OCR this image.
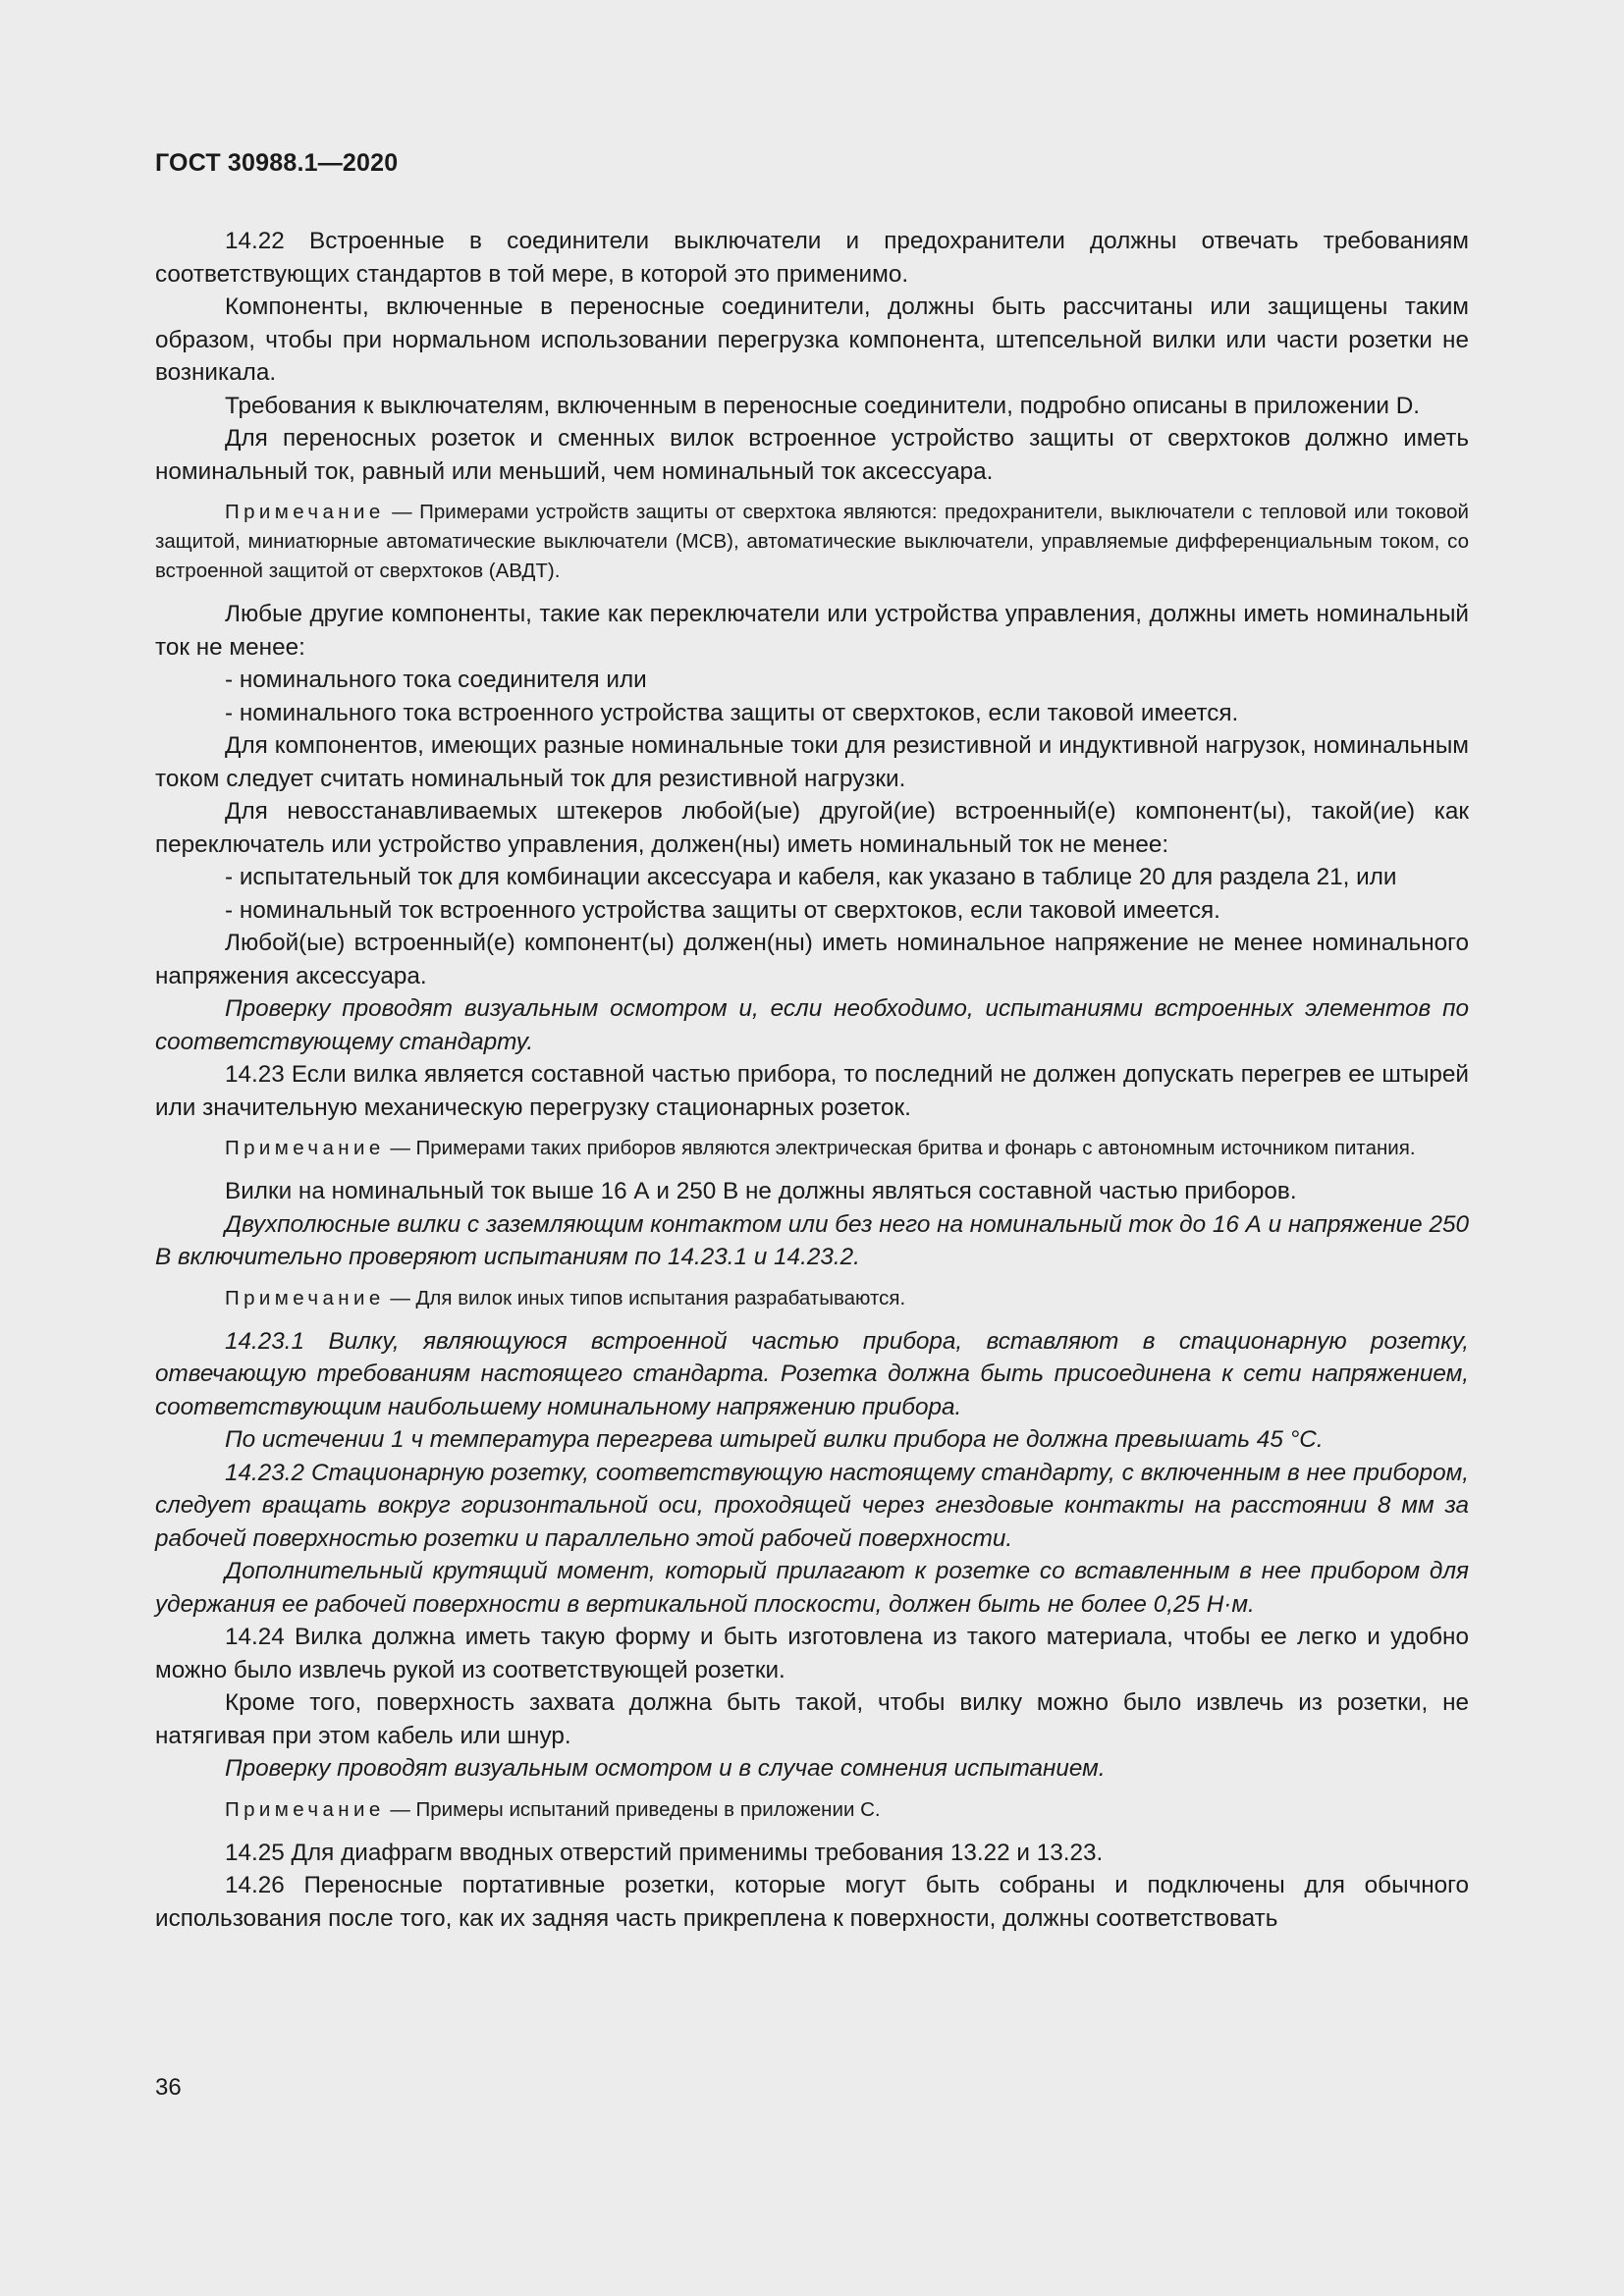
ГОСТ 30988.1—2020

14.22 Встроенные в соединители выключатели и предохранители должны отвечать требованиям соответствующих стандартов в той мере, в которой это применимо.

Компоненты, включенные в переносные соединители, должны быть рассчитаны или защищены таким образом, чтобы при нормальном использовании перегрузка компонента, штепсельной вилки или части розетки не возникала.

Требования к выключателям, включенным в переносные соединители, подробно описаны в приложении D.

Для переносных розеток и сменных вилок встроенное устройство защиты от сверхтоков должно иметь номинальный ток, равный или меньший, чем номинальный ток аксессуара.

Примечание — Примерами устройств защиты от сверхтока являются: предохранители, выключатели с тепловой или токовой защитой, миниатюрные автоматические выключатели (МСВ), автоматические выключатели, управляемые дифференциальным током, со встроенной защитой от сверхтоков (АВДТ).

Любые другие компоненты, такие как переключатели или устройства управления, должны иметь номинальный ток не менее:

- номинального тока соединителя или

- номинального тока встроенного устройства защиты от сверхтоков, если таковой имеется.

Для компонентов, имеющих разные номинальные токи для резистивной и индуктивной нагрузок, номинальным током следует считать номинальный ток для резистивной нагрузки.

Для невосстанавливаемых штекеров любой(ые) другой(ие) встроенный(е) компонент(ы), такой(ие) как переключатель или устройство управления, должен(ны) иметь номинальный ток не менее:

- испытательный ток для комбинации аксессуара и кабеля, как указано в таблице 20 для раздела 21, или

- номинальный ток встроенного устройства защиты от сверхтоков, если таковой имеется.

Любой(ые) встроенный(е) компонент(ы) должен(ны) иметь номинальное напряжение не менее номинального напряжения аксессуара.

Проверку проводят визуальным осмотром и, если необходимо, испытаниями встроенных элементов по соответствующему стандарту.

14.23 Если вилка является составной частью прибора, то последний не должен допускать перегрев ее штырей или значительную механическую перегрузку стационарных розеток.

Примечание — Примерами таких приборов являются электрическая бритва и фонарь с автономным источником питания.

Вилки на номинальный ток выше 16 А и 250 В не должны являться составной частью приборов.

Двухполюсные вилки с заземляющим контактом или без него на номинальный ток до 16 А и напряжение 250 В включительно проверяют испытаниям по 14.23.1 и 14.23.2.

Примечание — Для вилок иных типов испытания разрабатываются.

14.23.1 Вилку, являющуюся встроенной частью прибора, вставляют в стационарную розетку, отвечающую требованиям настоящего стандарта. Розетка должна быть присоединена к сети напряжением, соответствующим наибольшему номинальному напряжению прибора.

По истечении 1 ч температура перегрева штырей вилки прибора не должна превышать 45 °С.

14.23.2 Стационарную розетку, соответствующую настоящему стандарту, с включенным в нее прибором, следует вращать вокруг горизонтальной оси, проходящей через гнездовые контакты на расстоянии 8 мм за рабочей поверхностью розетки и параллельно этой рабочей поверхности.

Дополнительный крутящий момент, который прилагают к розетке со вставленным в нее прибором для удержания ее рабочей поверхности в вертикальной плоскости, должен быть не более 0,25 Н·м.

14.24 Вилка должна иметь такую форму и быть изготовлена из такого материала, чтобы ее легко и удобно можно было извлечь рукой из соответствующей розетки.

Кроме того, поверхность захвата должна быть такой, чтобы вилку можно было извлечь из розетки, не натягивая при этом кабель или шнур.

Проверку проводят визуальным осмотром и в случае сомнения испытанием.

Примечание — Примеры испытаний приведены в приложении С.

14.25 Для диафрагм вводных отверстий применимы требования 13.22 и 13.23.

14.26 Переносные портативные розетки, которые могут быть собраны и подключены для обычного использования после того, как их задняя часть прикреплена к поверхности, должны соответствовать

36
